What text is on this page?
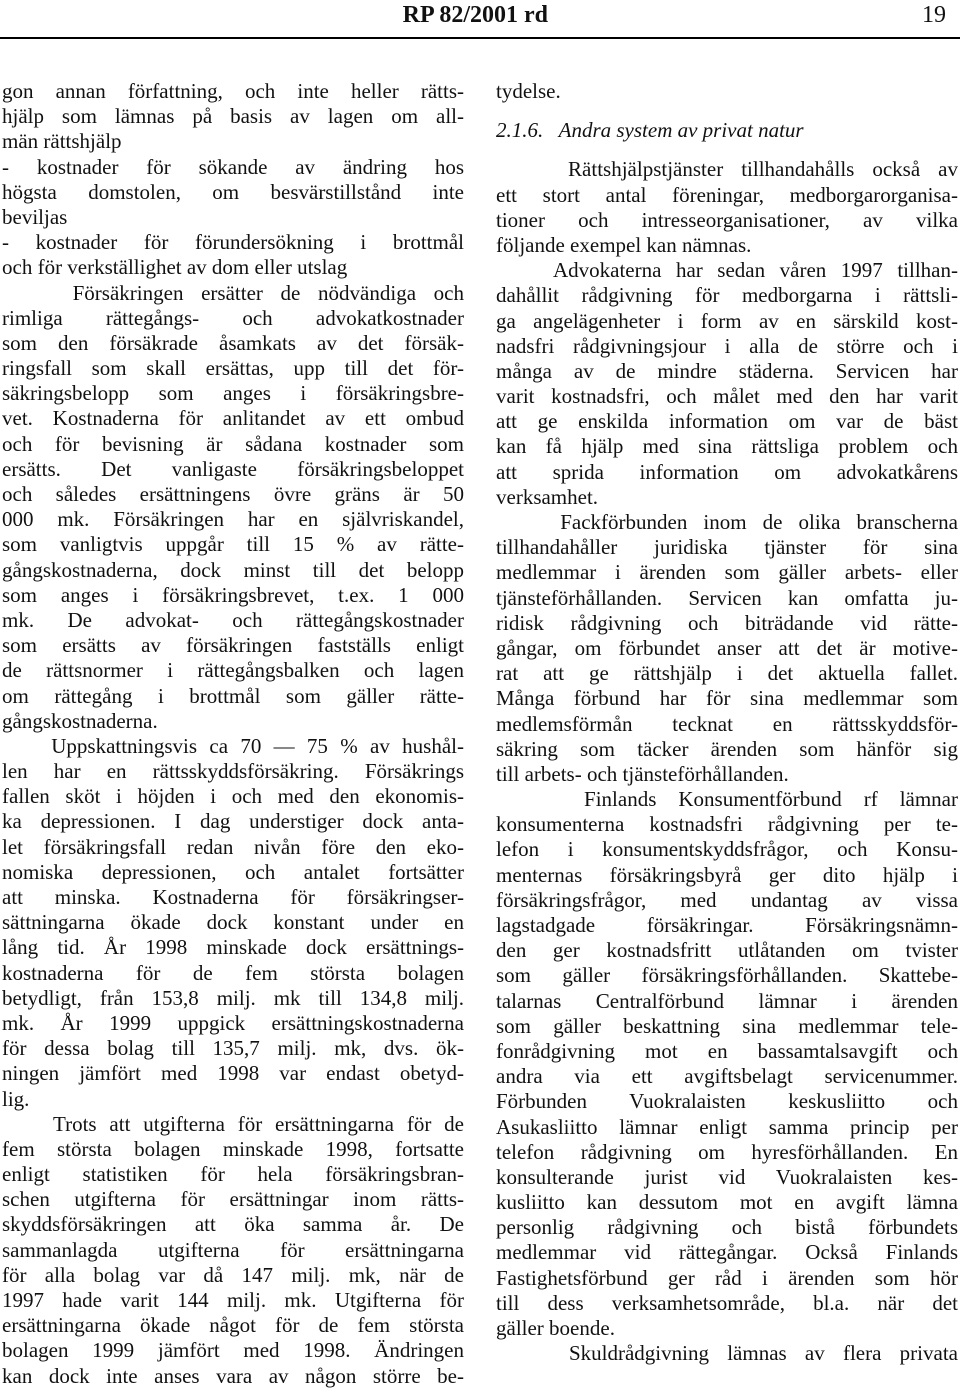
RP 82/2001 rd	19
gon annan författning, och inte heller rätts-
hjälp som lämnas på basis av lagen om all-
män rättshjälp
- kostnader för sökande av ändring hos
högsta domstolen, om besvärstillstånd inte
beviljas
- kostnader för förundersökning i brottmål
och för verkställighet av dom eller utslag
Försäkringen ersätter de nödvändiga och
rimliga rättegångs- och advokatkostnader
som den försäkrade åsamkats av det försäk-
ringsfall som skall ersättas, upp till det för-
säkringsbelopp som anges i försäkringsbre-
vet. Kostnaderna för anlitandet av ett ombud
och för bevisning är sådana kostnader som
ersätts. Det vanligaste försäkringsbeloppet
och således ersättningens övre gräns är 50
000 mk. Försäkringen har en självriskandel,
som vanligtvis uppgår till 15 % av rätte-
gångskostnaderna, dock minst till det belopp
som anges i försäkringsbrevet, t.ex. 1 000
mk. De advokat- och rättegångskostnader
som ersätts av försäkringen fastställs enligt
de rättsnormer i rättegångsbalken och lagen
om rättegång i brottmål som gäller rätte-
gångskostnaderna.
Uppskattningsvis ca 70 — 75 % av hushål-
len har en rättsskyddsförsäkring. Försäkrings
fallen sköt i höjden i och med den ekonomis-
ka depressionen. I dag understiger dock anta-
let försäkringsfall redan nivån före den eko-
nomiska depressionen, och antalet fortsätter
att minska. Kostnaderna för försäkringser-
sättningarna ökade dock konstant under en
lång tid. År 1998 minskade dock ersättnings-
kostnaderna för de fem största bolagen
betydligt, från 153,8 milj. mk till 134,8 milj.
mk. År 1999 uppgick ersättningskostnaderna
för dessa bolag till 135,7 milj. mk, dvs. ök-
ningen jämfört med 1998 var endast obetyd-
lig.
Trots att utgifterna för ersättningarna för de
fem största bolagen minskade 1998, fortsatte
enligt statistiken för hela försäkringsbran-
schen utgifterna för ersättningar inom rätts-
skyddsförsäkringen att öka samma år. De
sammanlagda utgifterna för ersättningarna
för alla bolag var då 147 milj. mk, när de
1997 hade varit 144 milj. mk. Utgifterna för
ersättningarna ökade något för de fem största
bolagen 1999 jämfört med 1998. Ändringen
kan dock inte anses vara av någon större be-
tydelse.
2.1.6.   Andra system av privat natur
Rättshjälpstjänster tillhandahålls också av
ett stort antal föreningar, medborgarorganisa-
tioner och intresseorganisationer, av vilka
följande exempel kan nämnas.
Advokaterna har sedan våren 1997 tillhan-
dahållit rådgivning för medborgarna i rättsli-
ga angelägenheter i form av en särskild kost-
nadsfri rådgivningsjour i alla de större och i
många av de mindre städerna. Servicen har
varit kostnadsfri, och målet med den har varit
att ge enskilda information om var de bäst
kan få hjälp med sina rättsliga problem och
att sprida information om advokatkårens
verksamhet.
Fackförbunden inom de olika branscherna
tillhandahåller juridiska tjänster för sina
medlemmar i ärenden som gäller arbets- eller
tjänsteförhållanden. Servicen kan omfatta ju-
ridisk rådgivning och biträdande vid rätte-
gångar, om förbundet anser att det är motive-
rat att ge rättshjälp i det aktuella fallet.
Många förbund har för sina medlemmar som
medlemsförmån tecknat en rättsskyddsför-
säkring som täcker ärenden som hänför sig
till arbets- och tjänsteförhållanden.
Finlands Konsumentförbund rf lämnar
konsumenterna kostnadsfri rådgivning per te-
lefon i konsumentskyddsfrågor, och Konsu-
menternas försäkringsbyrå ger dito hjälp i
försäkringsfrågor, med undantag av vissa
lagstadgade försäkringar. Försäkringsnämn-
den ger kostnadsfritt utlåtanden om tvister
som gäller försäkringsförhållanden. Skattebe-
talarnas Centralförbund lämnar i ärenden
som gäller beskattning sina medlemmar tele-
fonrådgivning mot en bassamtalsavgift och
andra via ett avgiftsbelagt servicenummer.
Förbunden Vuokralaisten keskusliitto och
Asukasliitto lämnar enligt samma princip per
telefon rådgivning om hyresförhållanden. En
konsulterande jurist vid Vuokralaisten kes-
kusliitto kan dessutom mot en avgift lämna
personlig rådgivning och bistå förbundets
medlemmar vid rättegångar. Också Finlands
Fastighetsförbund ger råd i ärenden som hör
till dess verksamhetsområde, bl.a. när det
gäller boende.
Skuldrådgivning lämnas av flera privata
